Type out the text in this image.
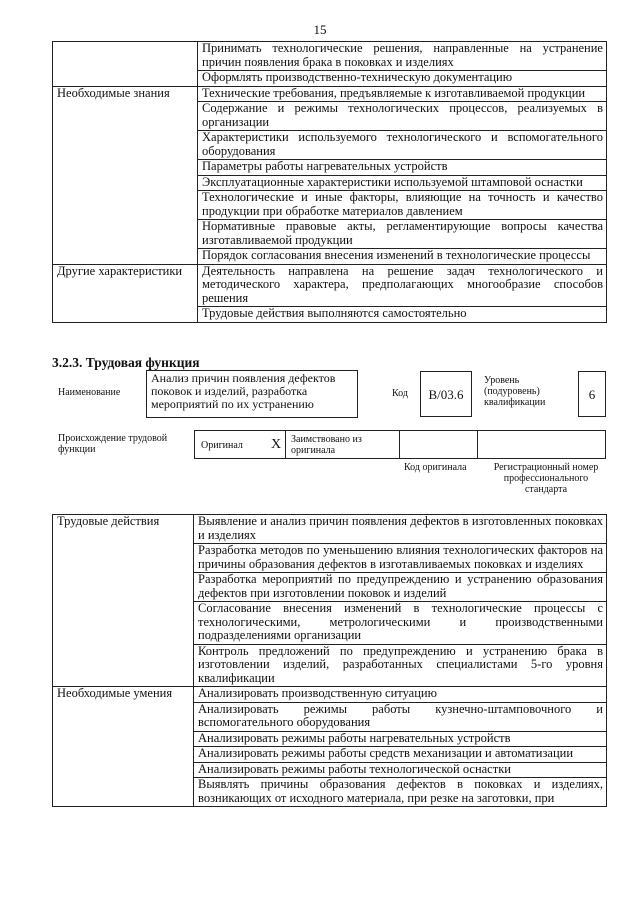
15
	Принимать технологические решения, направленные на устранение причин появления брака в поковках и изделиях
	Оформлять производственно-техническую документацию
Необходимые знания	Технические требования, предъявляемые к изготавливаемой продукции
	Содержание и режимы технологических процессов, реализуемых в организации
	Характеристики используемого технологического и вспомогательного оборудования
	Параметры работы нагревательных устройств
	Эксплуатационные характеристики используемой штамповой оснастки
	Технологические и иные факторы, влияющие на точность и качество продукции при обработке материалов давлением
	Нормативные правовые акты, регламентирующие вопросы качества изготавливаемой продукции
	Порядок согласования внесения изменений в технологические процессы
Другие характеристики	Деятельность направлена на решение задач технологического и методического характера, предполагающих многообразие способов решения
	Трудовые действия выполняются самостоятельно
3.2.3. Трудовая функция
Наименование
Анализ причин появления дефектов поковок и изделий, разработка мероприятий по их устранению
Код	B/03.6
Уровень (подуровень) квалификации
6
Происхождение трудовой функции	Оригинал X Заимствовано из оригинала
Код оригинала	Регистрационный номер профессионального стандарта
Трудовые действия	Выявление и анализ причин появления дефектов в изготовленных поковках и изделиях
	Разработка методов по уменьшению влияния технологических факторов на причины образования дефектов в изготавливаемых поковках и изделиях
	Разработка мероприятий по предупреждению и устранению образования дефектов при изготовлении поковок и изделий
	Согласование внесения изменений в технологические процессы с технологическими, метрологическими и производственными подразделениями организации
	Контроль предложений по предупреждению и устранению брака в изготовлении изделий, разработанных специалистами 5-го уровня квалификации
Необходимые умения	Анализировать производственную ситуацию
	Анализировать режимы работы кузнечно-штамповочного и вспомогательного оборудования
	Анализировать режимы работы нагревательных устройств
	Анализировать режимы работы средств механизации и автоматизации
	Анализировать режимы работы технологической оснастки
	Выявлять причины образования дефектов в поковках и изделиях, возникающих от исходного материала, при резке на заготовки, при
